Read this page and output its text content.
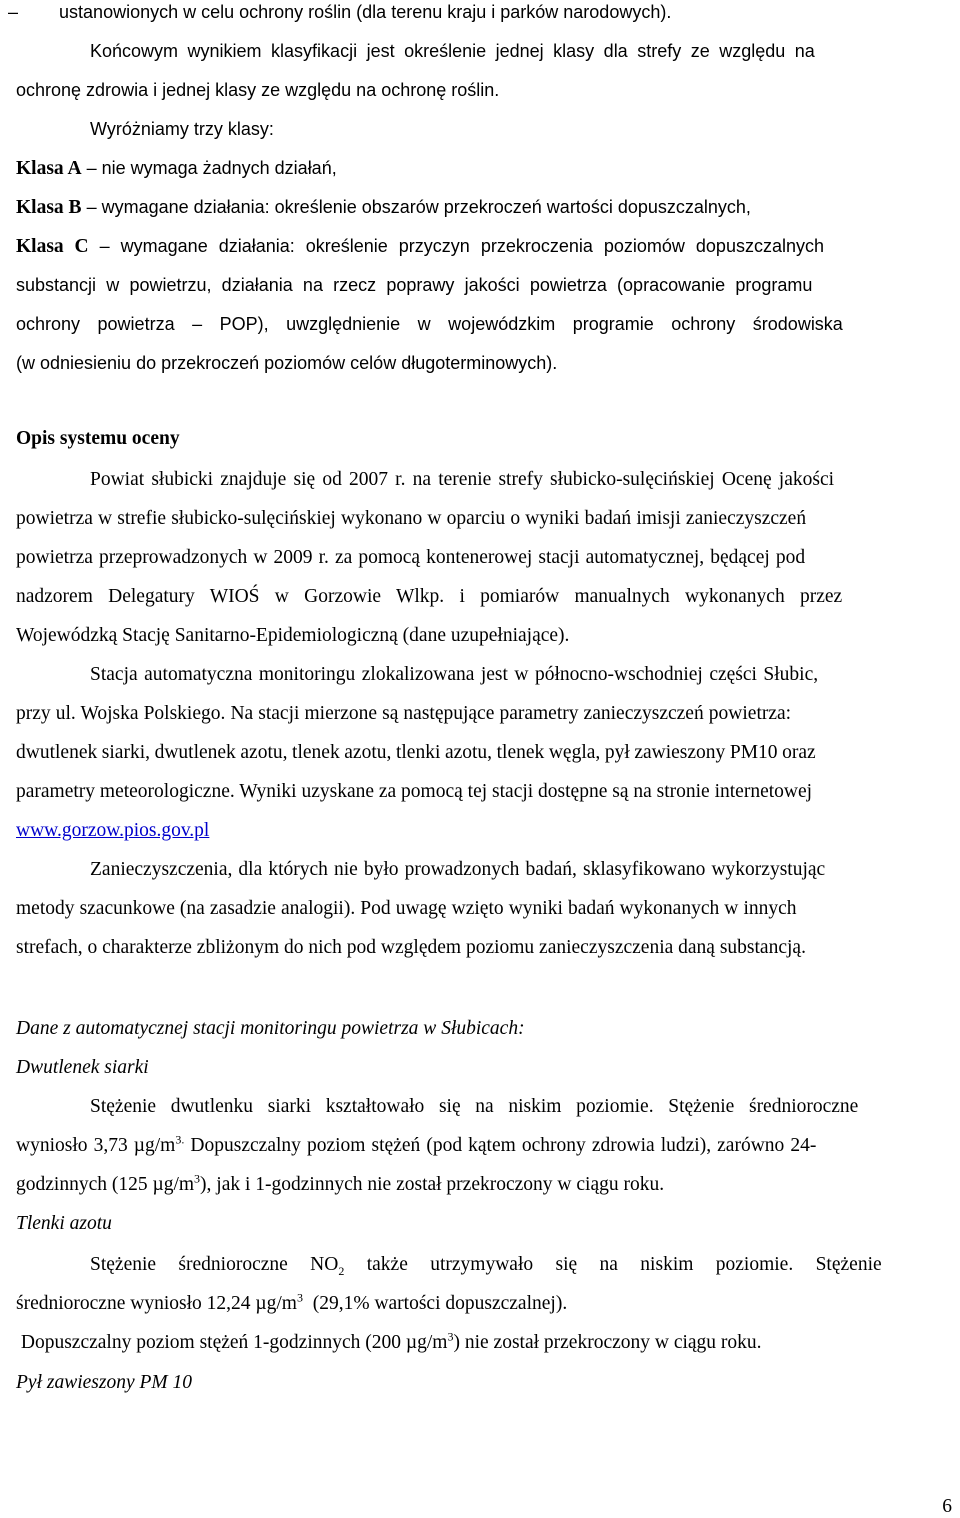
– ustanowionych w celu ochrony roślin (dla terenu kraju i parków narodowych).
Końcowym wynikiem klasyfikacji jest określenie jednej klasy dla strefy ze względu na
ochronę zdrowia i jednej klasy ze względu na ochronę roślin.
Wyróżniamy trzy klasy:
Klasa A – nie wymaga żadnych działań,
Klasa B – wymagane działania: określenie obszarów przekroczeń wartości dopuszczalnych,
Klasa C – wymagane działania: określenie przyczyn przekroczenia poziomów dopuszczalnych
substancji w powietrzu, działania na rzecz poprawy jakości powietrza (opracowanie programu
ochrony powietrza – POP), uwzględnienie w wojewódzkim programie ochrony środowiska
(w odniesieniu do przekroczeń poziomów celów długoterminowych).
Opis systemu oceny
Powiat słubicki znajduje się od 2007 r. na terenie strefy słubicko-sulęcińskiej Ocenę jakości
powietrza w strefie słubicko-sulęcińskiej wykonano w oparciu o wyniki badań imisji zanieczyszczeń
powietrza przeprowadzonych w 2009 r. za pomocą kontenerowej stacji automatycznej, będącej pod
nadzorem Delegatury WIOŚ w Gorzowie Wlkp. i pomiarów manualnych wykonanych przez
Wojewódzką Stację Sanitarno-Epidemiologiczną (dane uzupełniające).
Stacja automatyczna monitoringu zlokalizowana jest w północno-wschodniej części Słubic,
przy ul. Wojska Polskiego. Na stacji mierzone są następujące parametry zanieczyszczeń powietrza:
dwutlenek siarki, dwutlenek azotu, tlenek azotu, tlenki azotu, tlenek węgla, pył zawieszony PM10 oraz
parametry meteorologiczne. Wyniki uzyskane za pomocą tej stacji dostępne są na stronie internetowej
www.gorzow.pios.gov.pl
Zanieczyszczenia, dla których nie było prowadzonych badań, sklasyfikowano wykorzystując
metody szacunkowe (na zasadzie analogii). Pod uwagę wzięto wyniki badań wykonanych w innych
strefach, o charakterze zbliżonym do nich pod względem poziomu zanieczyszczenia daną substancją.
Dane z automatycznej stacji monitoringu powietrza w Słubicach:
Dwutlenek siarki
Stężenie dwutlenku siarki kształtowało się na niskim poziomie. Stężenie średnioroczne
wyniosło 3,73 $\mu g/m^{3.}$ Dopuszczalny poziom stężeń (pod kątem ochrony zdrowia ludzi), zarówno 24-
godzinnych (125 $\mu g/m^3$), jak i 1-godzinnych nie został przekroczony w ciągu roku.
Tlenki azotu
Stężenie średnioroczne $NO_2$ także utrzymywało się na niskim poziomie. Stężenie
średnioroczne wyniosło 12,24 $\mu g/m^3$  (29,1% wartości dopuszczalnej).
Dopuszczalny poziom stężeń 1-godzinnych (200 $\mu g/m^3$) nie został przekroczony w ciągu roku.
Pył zawieszony PM 10
6
